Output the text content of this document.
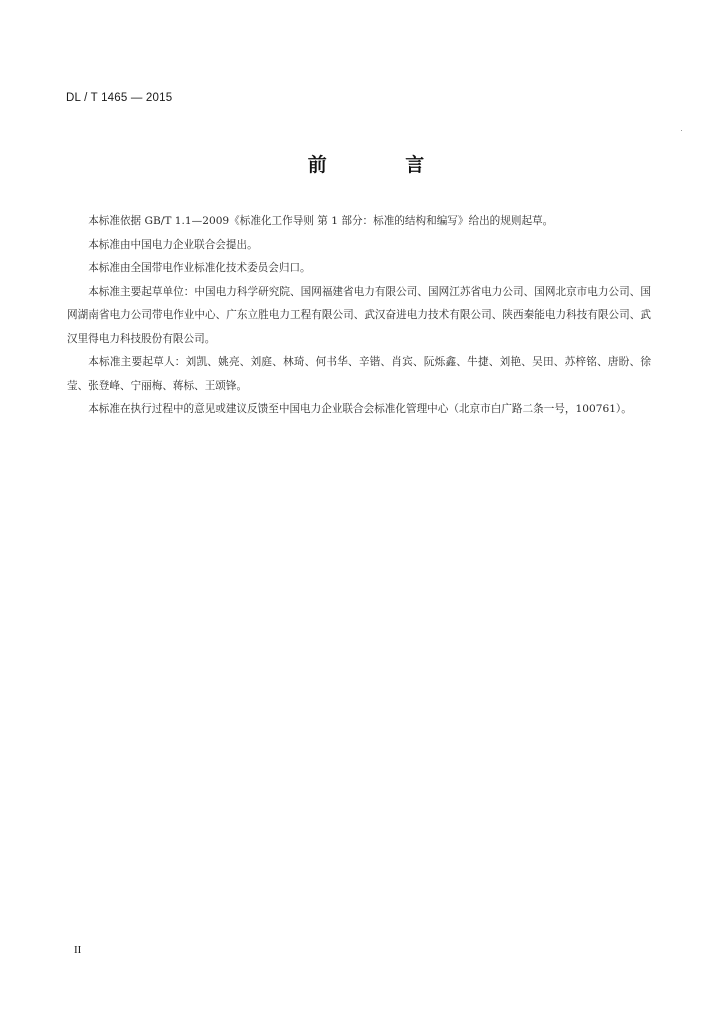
DL / T 1465 — 2015
前 言

本标准依据 GB/T 1.1—2009《标准化工作导则 第 1 部分：标准的结构和编写》给出的规则起草。

本标准由中国电力企业联合会提出。

本标准由全国带电作业标准化技术委员会归口。

本标准主要起草单位：中国电力科学研究院、国网福建省电力有限公司、国网江苏省电力公司、国网北京市电力公司、国网湖南省电力公司带电作业中心、广东立胜电力工程有限公司、武汉奋进电力技术有限公司、陕西秦能电力科技有限公司、武汉里得电力科技股份有限公司。

本标准主要起草人：刘凯、姚亮、刘庭、林琦、何书华、辛锴、肖宾、阮烁鑫、牛捷、刘艳、吴田、苏梓铭、唐盼、徐莹、张登峰、宁丽梅、蒋标、王颂锋。

本标准在执行过程中的意见或建议反馈至中国电力企业联合会标准化管理中心（北京市白广路二条一号，100761）。

II
